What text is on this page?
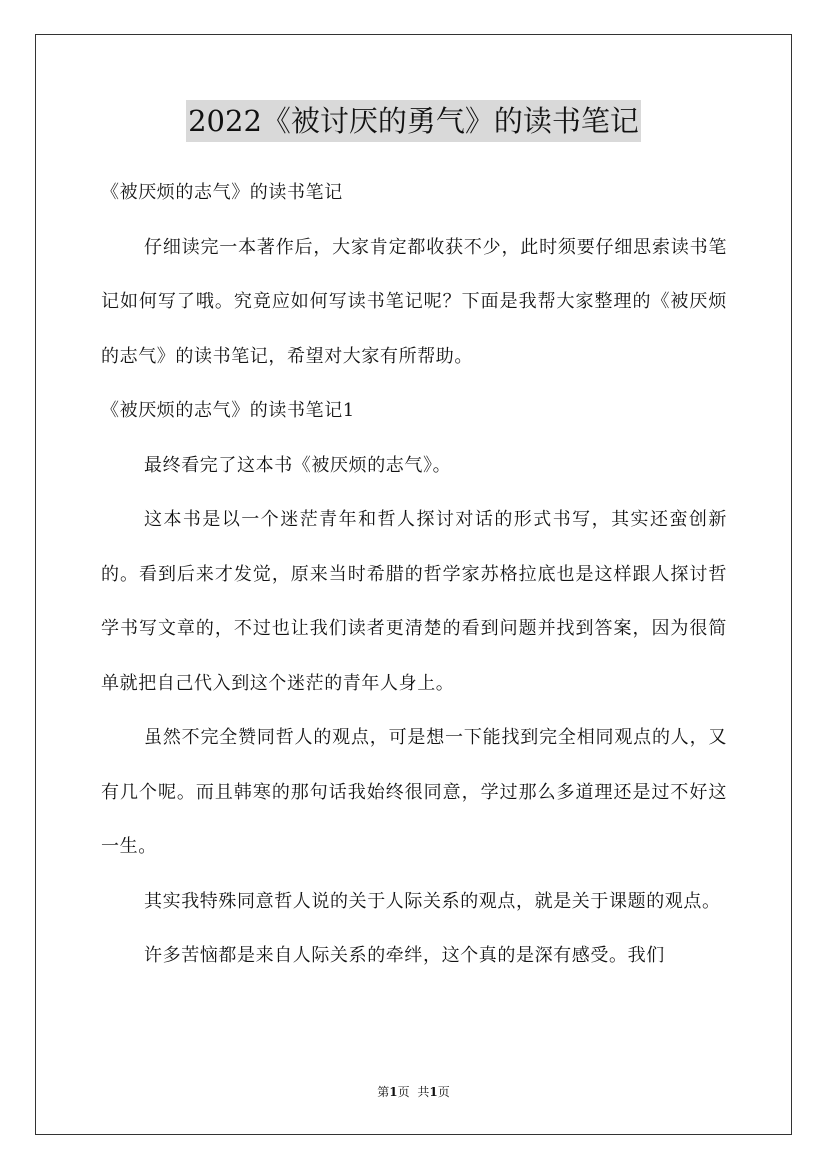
2022《被讨厌的勇气》的读书笔记

《被厌烦的志气》的读书笔记

仔细读完一本著作后，大家肯定都收获不少，此时须要仔细思索读书笔记如何写了哦。究竟应如何写读书笔记呢？下面是我帮大家整理的《被厌烦的志气》的读书笔记，希望对大家有所帮助。

《被厌烦的志气》的读书笔记1

最终看完了这本书《被厌烦的志气》。

这本书是以一个迷茫青年和哲人探讨对话的形式书写，其实还蛮创新的。看到后来才发觉，原来当时希腊的哲学家苏格拉底也是这样跟人探讨哲学书写文章的，不过也让我们读者更清楚的看到问题并找到答案，因为很简单就把自己代入到这个迷茫的青年人身上。

虽然不完全赞同哲人的观点，可是想一下能找到完全相同观点的人，又有几个呢。而且韩寒的那句话我始终很同意，学过那么多道理还是过不好这一生。

其实我特殊同意哲人说的关于人际关系的观点，就是关于课题的观点。

许多苦恼都是来自人际关系的牵绊，这个真的是深有感受。我们

第1页 共1页
